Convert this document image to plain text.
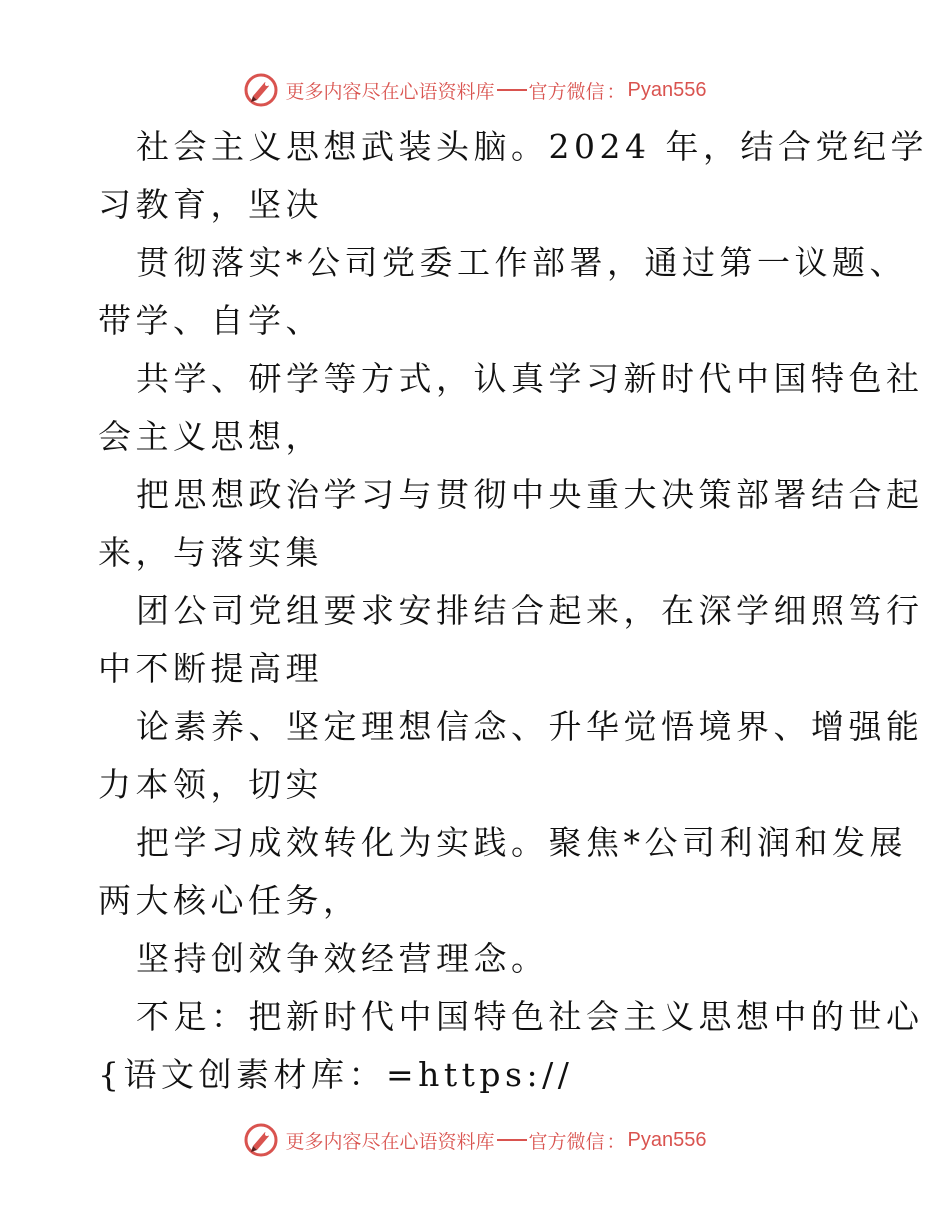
更多内容尽在心语资料库 官方微信 ： Pyan556
社会主义思想武装头脑。2024 年，结合党纪学
习教育，坚决
贯彻落实*公司党委工作部署，通过第一议题、
带学、自学、
共学、研学等方式，认真学习新时代中国特色社
会主义思想，
把思想政治学习与贯彻中央重大决策部署结合起
来，与落实集
团公司党组要求安排结合起来，在深学细照笃行
中不断提高理
论素养、坚定理想信念、升华觉悟境界、增强能
力本领，切实
把学习成效转化为实践。聚焦*公司利润和发展
两大核心任务，
坚持创效争效经营理念。
不足：把新时代中国特色社会主义思想中的世心
{语文创素材库：=https://
更多内容尽在心语资料库 官方微信 ： Pyan556
